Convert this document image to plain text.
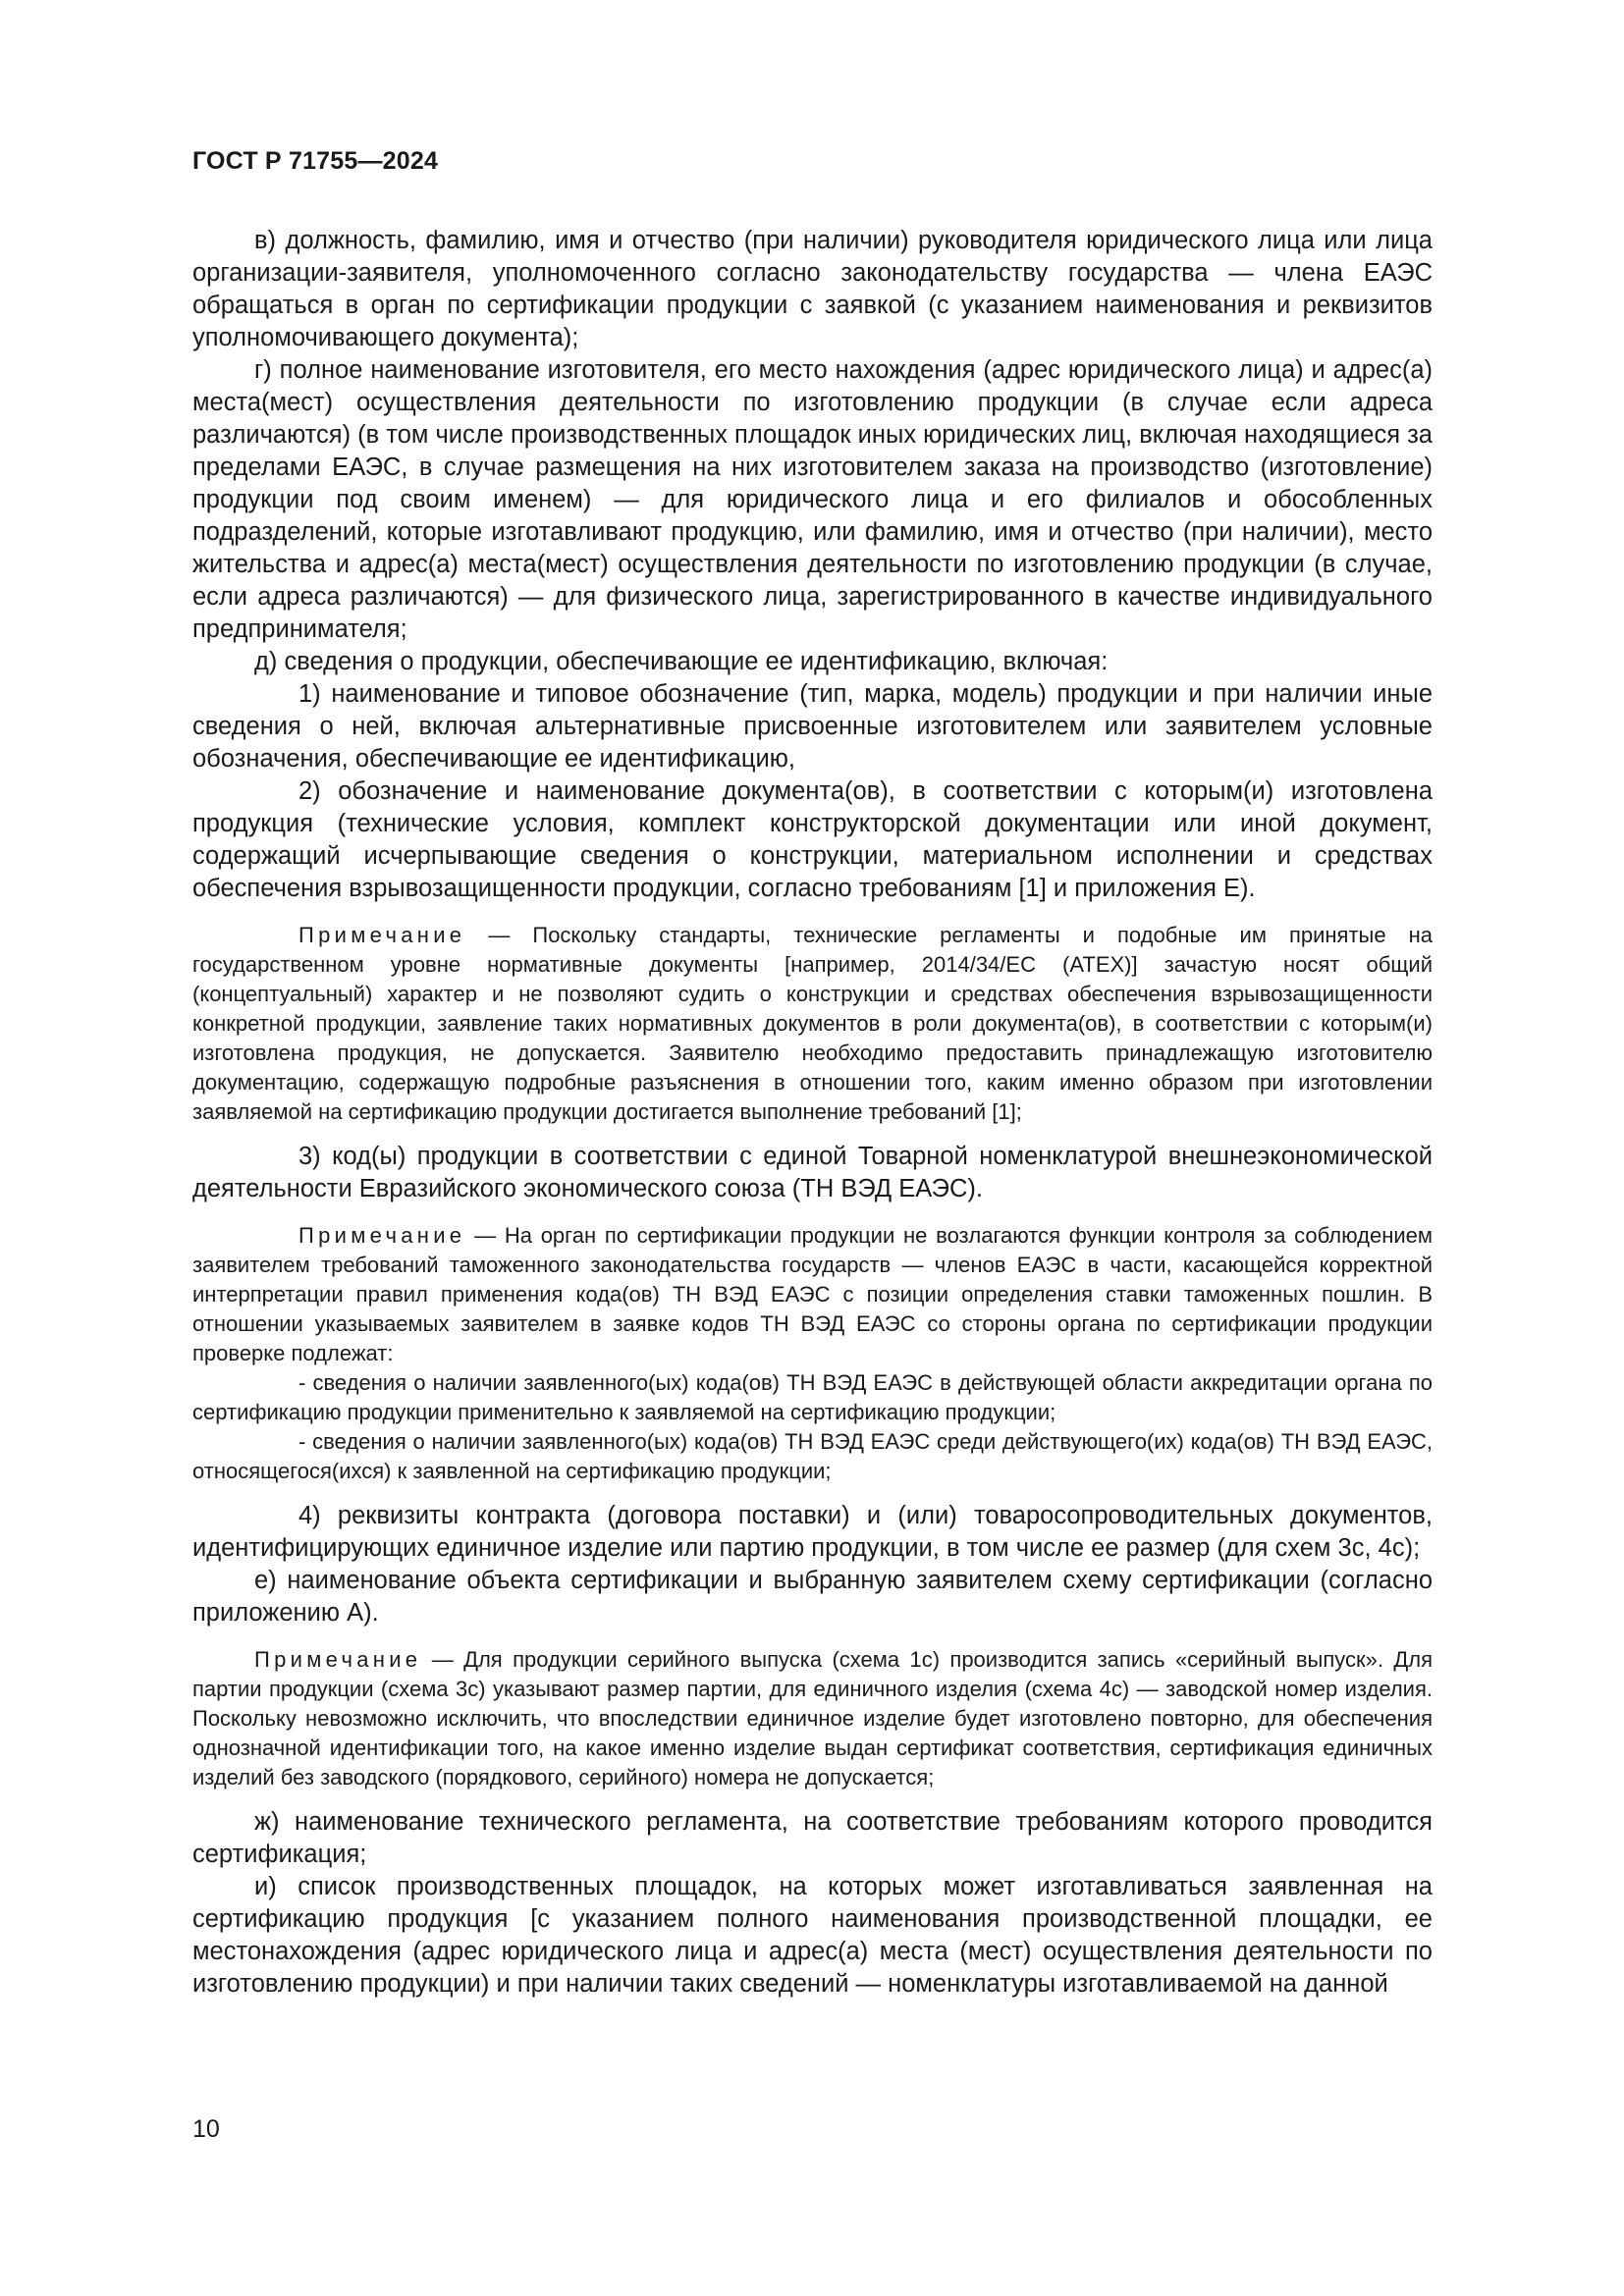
ГОСТ Р 71755—2024

в) должность, фамилию, имя и отчество (при наличии) руководителя юридического лица или лица организации-заявителя, уполномоченного согласно законодательству государства — члена ЕАЭС обращаться в орган по сертификации продукции с заявкой (с указанием наименования и реквизитов уполномочивающего документа);

г) полное наименование изготовителя, его место нахождения (адрес юридического лица) и адрес(а) места(мест) осуществления деятельности по изготовлению продукции (в случае если адреса различаются) (в том числе производственных площадок иных юридических лиц, включая находящиеся за пределами ЕАЭС, в случае размещения на них изготовителем заказа на производство (изготовление) продукции под своим именем) — для юридического лица и его филиалов и обособленных подразделений, которые изготавливают продукцию, или фамилию, имя и отчество (при наличии), место жительства и адрес(а) места(мест) осуществления деятельности по изготовлению продукции (в случае, если адреса различаются) — для физического лица, зарегистрированного в качестве индивидуального предпринимателя;

д) сведения о продукции, обеспечивающие ее идентификацию, включая:

1) наименование и типовое обозначение (тип, марка, модель) продукции и при наличии иные сведения о ней, включая альтернативные присвоенные изготовителем или заявителем условные обозначения, обеспечивающие ее идентификацию,

2) обозначение и наименование документа(ов), в соответствии с которым(и) изготовлена продукция (технические условия, комплект конструкторской документации или иной документ, содержащий исчерпывающие сведения о конструкции, материальном исполнении и средствах обеспечения взрывозащищенности продукции, согласно требованиям [1] и приложения Е).

Примечание — Поскольку стандарты, технические регламенты и подобные им принятые на государственном уровне нормативные документы [например, 2014/34/ЕС (ATEX)] зачастую носят общий (концептуальный) характер и не позволяют судить о конструкции и средствах обеспечения взрывозащищенности конкретной продукции, заявление таких нормативных документов в роли документа(ов), в соответствии с которым(и) изготовлена продукция, не допускается. Заявителю необходимо предоставить принадлежащую изготовителю документацию, содержащую подробные разъяснения в отношении того, каким именно образом при изготовлении заявляемой на сертификацию продукции достигается выполнение требований [1];

3) код(ы) продукции в соответствии с единой Товарной номенклатурой внешнеэкономической деятельности Евразийского экономического союза (ТН ВЭД ЕАЭС).

Примечание — На орган по сертификации продукции не возлагаются функции контроля за соблюдением заявителем требований таможенного законодательства государств — членов ЕАЭС в части, касающейся корректной интерпретации правил применения кода(ов) ТН ВЭД ЕАЭС с позиции определения ставки таможенных пошлин. В отношении указываемых заявителем в заявке кодов ТН ВЭД ЕАЭС со стороны органа по сертификации продукции проверке подлежат:

- сведения о наличии заявленного(ых) кода(ов) ТН ВЭД ЕАЭС в действующей области аккредитации органа по сертификацию продукции применительно к заявляемой на сертификацию продукции;

- сведения о наличии заявленного(ых) кода(ов) ТН ВЭД ЕАЭС среди действующего(их) кода(ов) ТН ВЭД ЕАЭС, относящегося(ихся) к заявленной на сертификацию продукции;

4) реквизиты контракта (договора поставки) и (или) товаросопроводительных документов, идентифицирующих единичное изделие или партию продукции, в том числе ее размер (для схем 3с, 4с);

е) наименование объекта сертификации и выбранную заявителем схему сертификации (согласно приложению А).

Примечание — Для продукции серийного выпуска (схема 1с) производится запись «серийный выпуск». Для партии продукции (схема 3с) указывают размер партии, для единичного изделия (схема 4с) — заводской номер изделия. Поскольку невозможно исключить, что впоследствии единичное изделие будет изготовлено повторно, для обеспечения однозначной идентификации того, на какое именно изделие выдан сертификат соответствия, сертификация единичных изделий без заводского (порядкового, серийного) номера не допускается;

ж) наименование технического регламента, на соответствие требованиям которого проводится сертификация;

и) список производственных площадок, на которых может изготавливаться заявленная на сертификацию продукция [с указанием полного наименования производственной площадки, ее местонахождения (адрес юридического лица и адрес(а) места (мест) осуществления деятельности по изготовлению продукции) и при наличии таких сведений — номенклатуры изготавливаемой на данной

10
